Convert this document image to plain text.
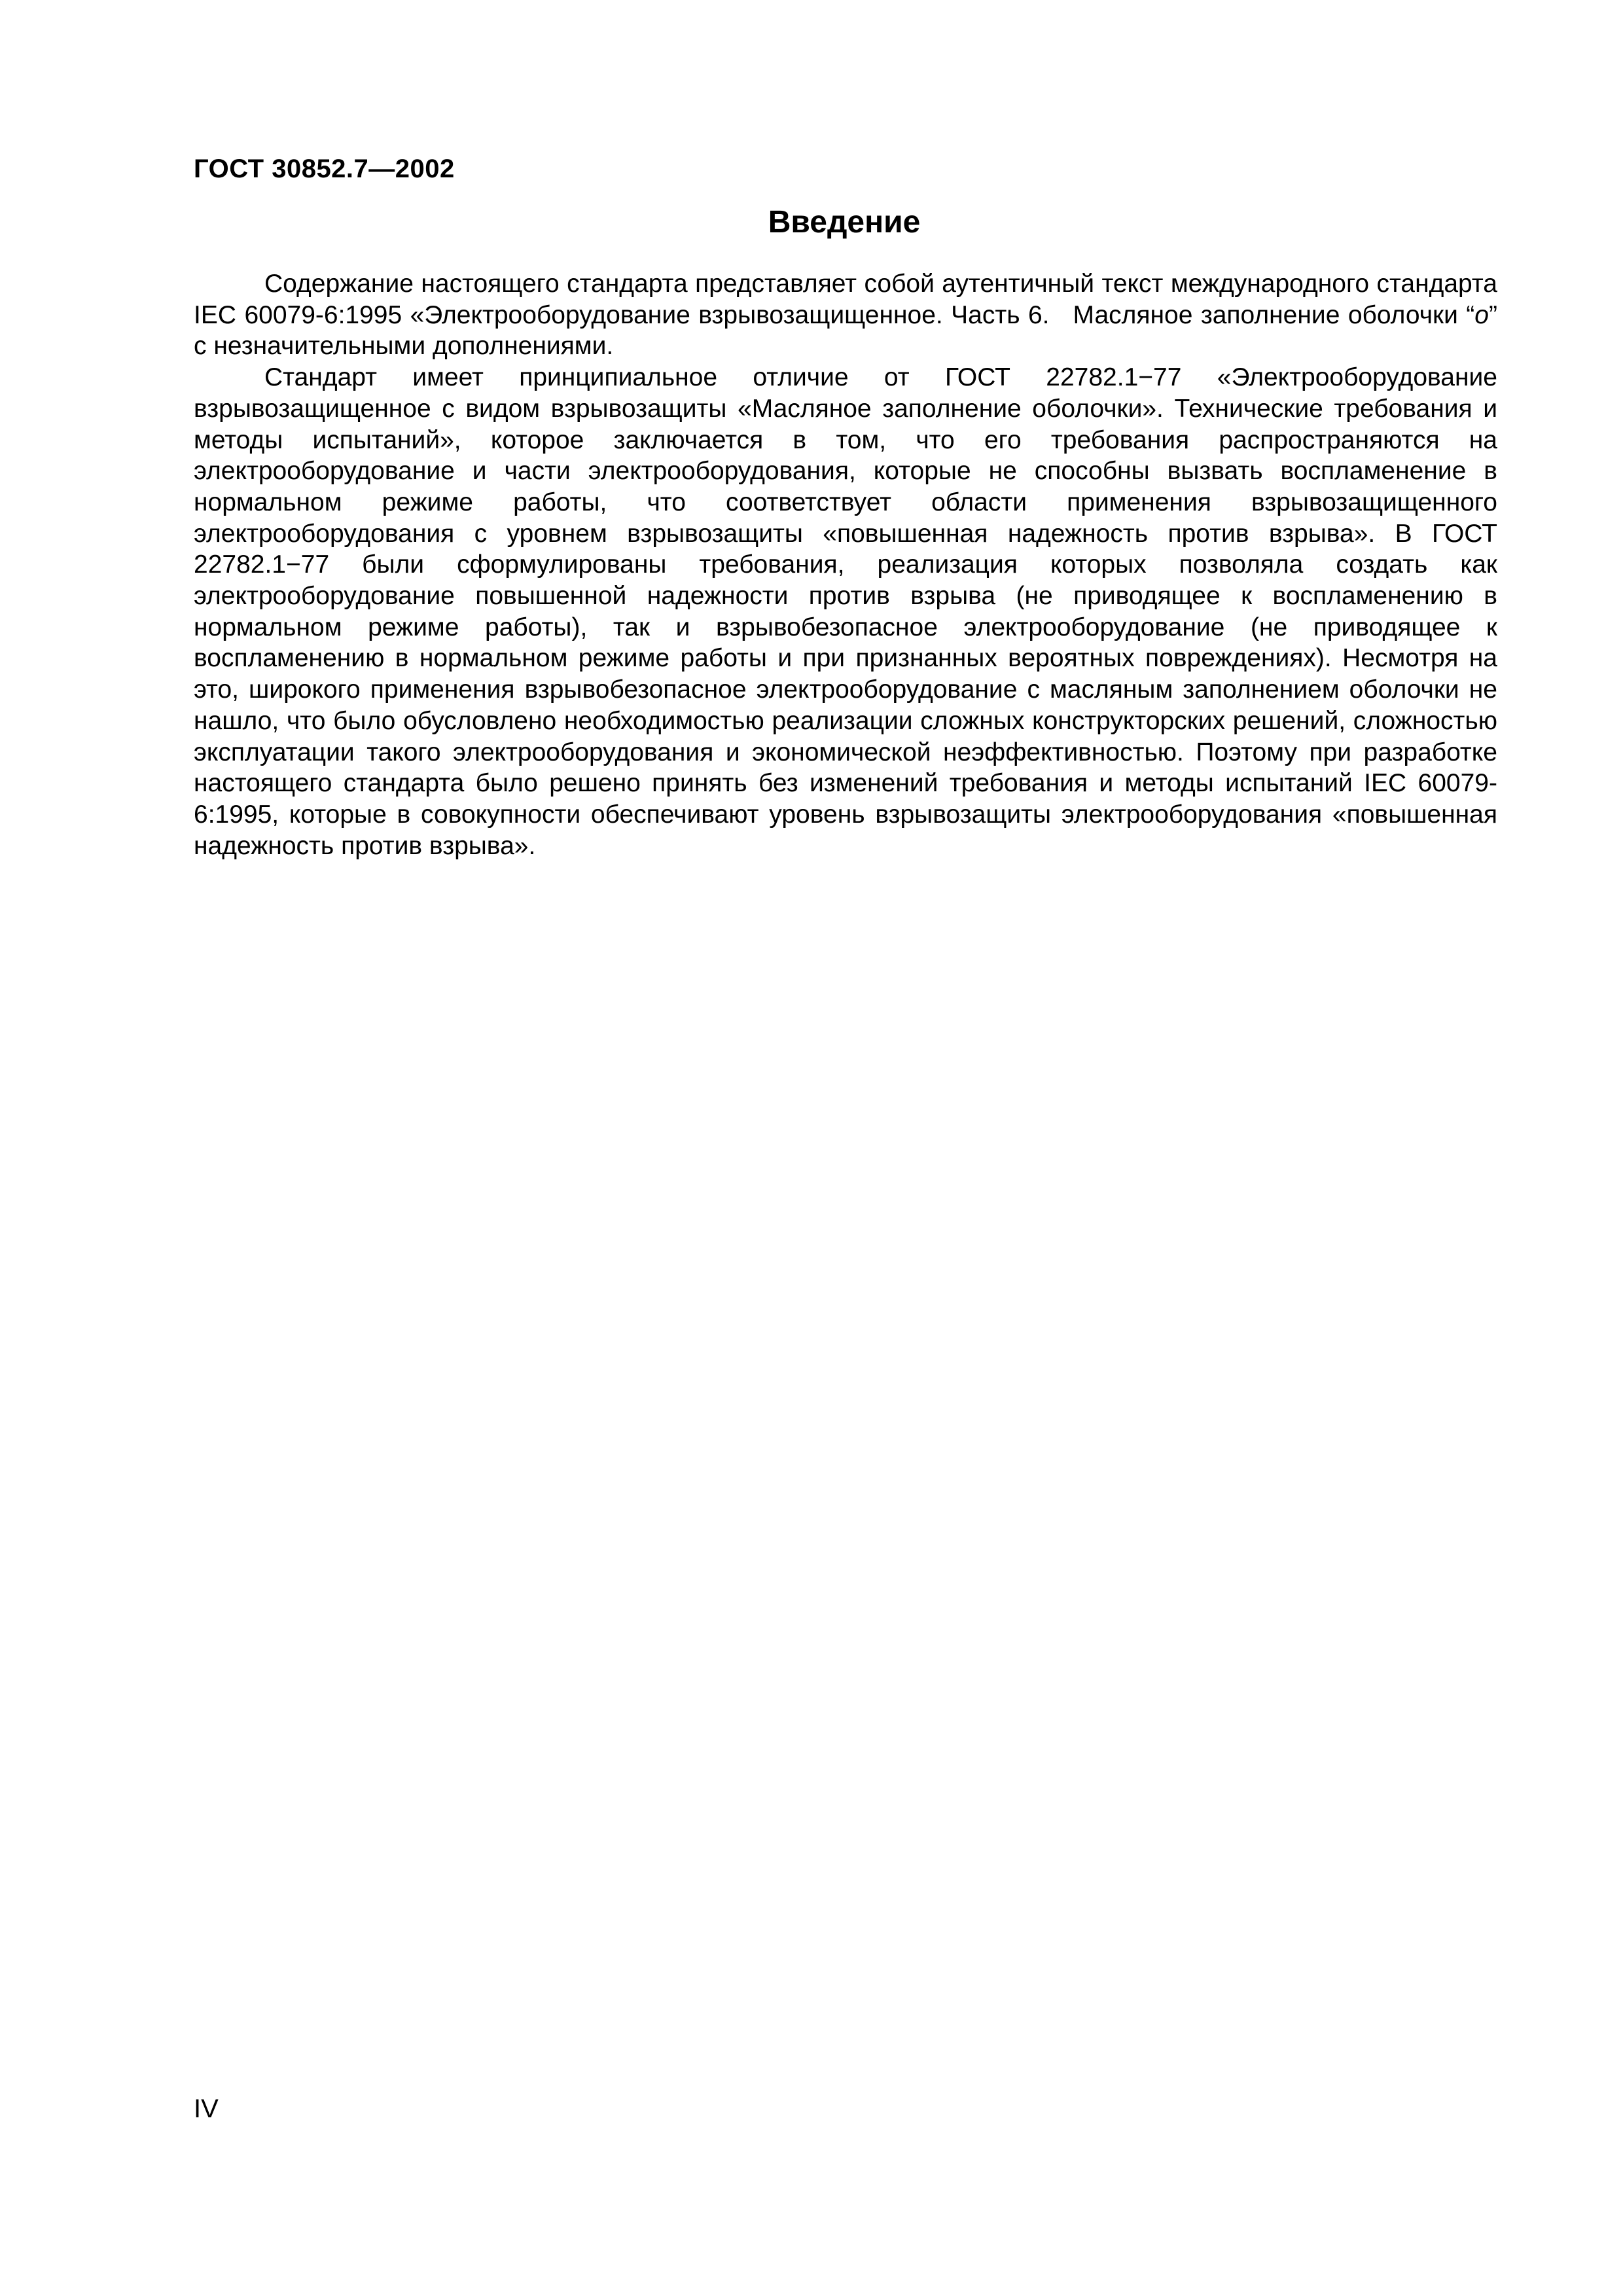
ГОСТ 30852.7—2002
Введение

Содержание настоящего стандарта представляет собой аутентичный текст международного стандарта IEC 60079-6:1995 «Электрооборудование взрывозащищенное. Часть 6. Масляное заполнение оболочки “o” с незначительными дополнениями.

Стандарт имеет принципиальное отличие от ГОСТ 22782.1−77 «Электрооборудование взрывозащищенное с видом взрывозащиты «Масляное заполнение оболочки». Технические требования и методы испытаний», которое заключается в том, что его требования распространяются на электрооборудование и части электрооборудования, которые не способны вызвать воспламенение в нормальном режиме работы, что соответствует области применения взрывозащищенного электрооборудования с уровнем взрывозащиты «повышенная надежность против взрыва». В ГОСТ 22782.1−77 были сформулированы требования, реализация которых позволяла создать как электрооборудование повышенной надежности против взрыва (не приводящее к воспламенению в нормальном режиме работы), так и взрывобезопасное электрооборудование (не приводящее к воспламенению в нормальном режиме работы и при признанных вероятных повреждениях). Несмотря на это, широкого применения взрывобезопасное электрооборудование с масляным заполнением оболочки не нашло, что было обусловлено необходимостью реализации сложных конструкторских решений, сложностью эксплуатации такого электрооборудования и экономической неэффективностью. Поэтому при разработке настоящего стандарта было решено принять без изменений требования и методы испытаний IEC 60079-6:1995, которые в совокупности обеспечивают уровень взрывозащиты электрооборудования «повышенная надежность против взрыва».

IV
